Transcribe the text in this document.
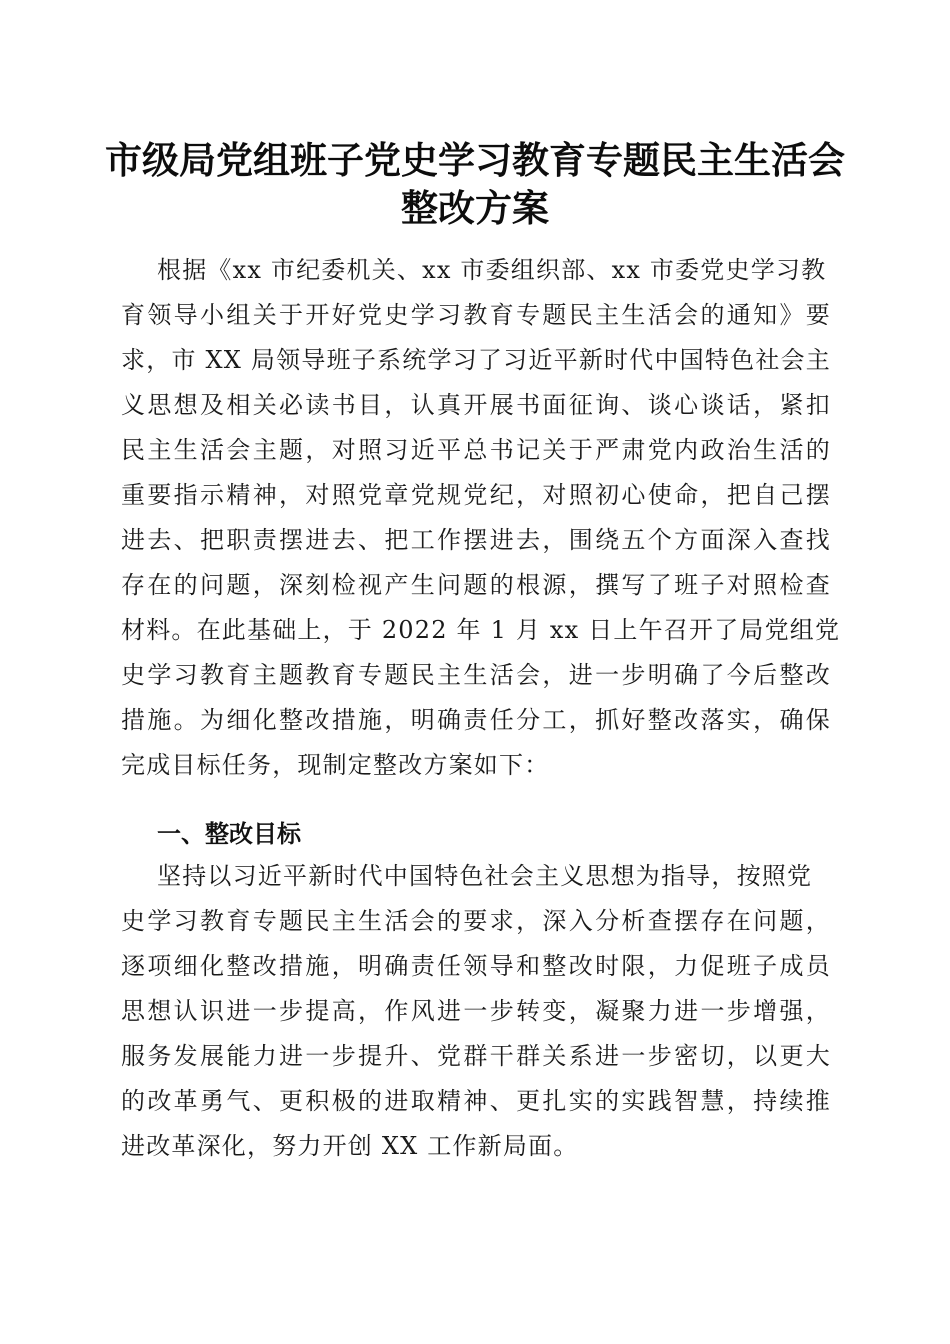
市级局党组班子党史学习教育专题民主生活会
整改方案
根据《xx 市纪委机关、xx 市委组织部、xx 市委党史学习教
育领导小组关于开好党史学习教育专题民主生活会的通知》要
求，市 XX 局领导班子系统学习了习近平新时代中国特色社会主
义思想及相关必读书目，认真开展书面征询、谈心谈话，紧扣
民主生活会主题，对照习近平总书记关于严肃党内政治生活的
重要指示精神，对照党章党规党纪，对照初心使命，把自己摆
进去、把职责摆进去、把工作摆进去，围绕五个方面深入查找
存在的问题，深刻检视产生问题的根源，撰写了班子对照检查
材料。在此基础上，于 2022 年 1 月 xx 日上午召开了局党组党
史学习教育主题教育专题民主生活会，进一步明确了今后整改
措施。为细化整改措施，明确责任分工，抓好整改落实，确保
完成目标任务，现制定整改方案如下：
一、整改目标
坚持以习近平新时代中国特色社会主义思想为指导，按照党
史学习教育专题民主生活会的要求，深入分析查摆存在问题，
逐项细化整改措施，明确责任领导和整改时限，力促班子成员
思想认识进一步提高，作风进一步转变，凝聚力进一步增强，
服务发展能力进一步提升、党群干群关系进一步密切，以更大
的改革勇气、更积极的进取精神、更扎实的实践智慧，持续推
进改革深化，努力开创 XX 工作新局面。
